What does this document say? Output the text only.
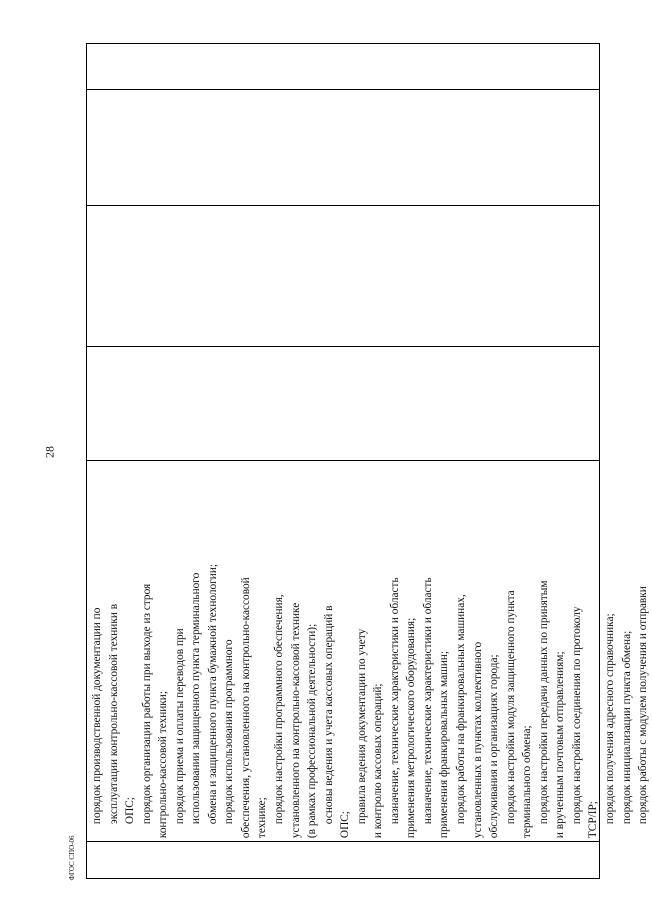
28
порядок производственной документации по эксплуатации контрольно-кассовой техники в ОПС; порядок организации работы при выходе из строя контрольно-кассовой техники; порядок приема и оплаты переводов при использовании защищенного пункта терминального обмена и защищенного пункта бумажной технологии; порядок использования программного обеспечения, установленного на контрольно-кассовой технике; порядок настройки программного обеспечения, установленного на контрольно-кассовой технике (в рамках профессиональной деятельности); основы ведения и учета кассовых операций в
ОПС;
правила ведения документации по учету и контролю кассовых операций; назначение, технические характеристики и область применения метрологического оборудования; назначение, технические характеристики и область применения франкировальных машин; порядок работы на франкировальных машинах, установленных в пунктах коллективного обслуживания и организациях города; порядок настройки модуля защищенного пункта терминального обмена; порядок настройки передачи данных по принятым и врученным почтовым отправлениям; порядок настройки соединения по протоколу TCP/IP; порядок получения адресного справочника; порядок инициализации пункта обмена; порядок работы с модулем получения и отправки
ФГОС СПО-06
